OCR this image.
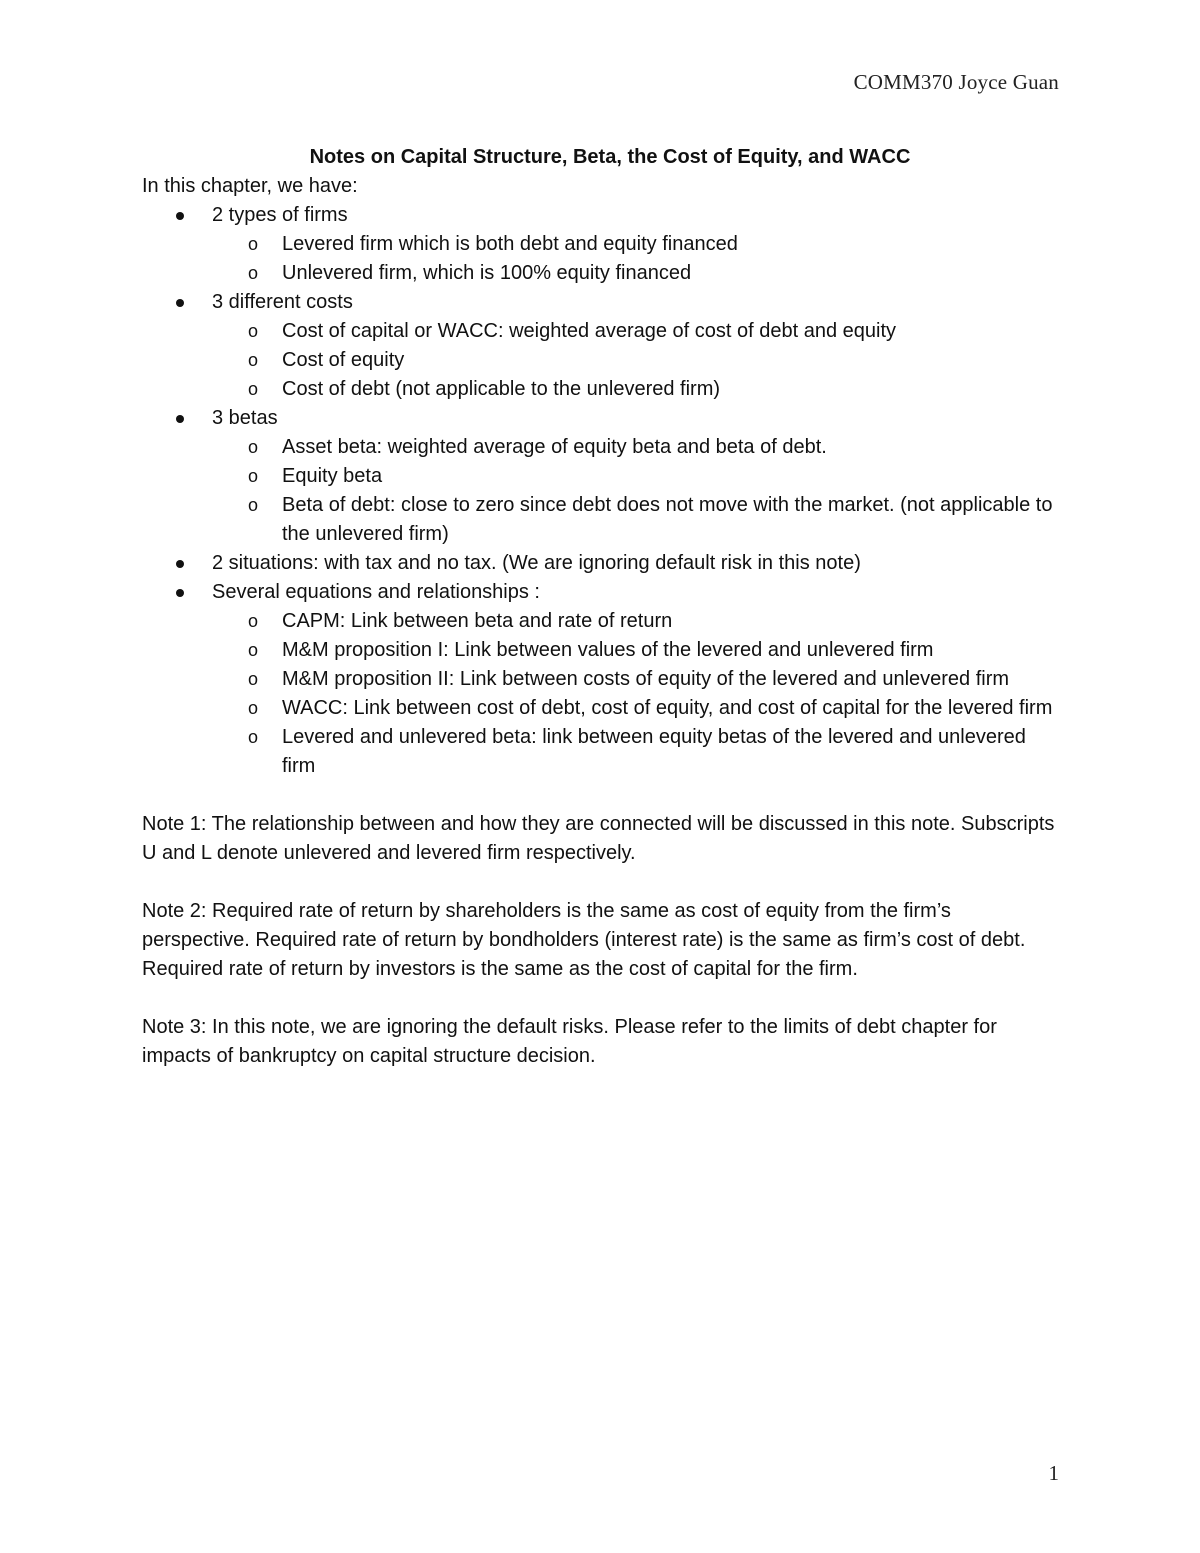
COMM370 Joyce Guan

Notes on Capital Structure, Beta, the Cost of Equity, and WACC

In this chapter, we have:

2 types of firms
o Levered firm which is both debt and equity financed
o Unlevered firm, which is 100% equity financed
3 different costs
o Cost of capital or WACC: weighted average of cost of debt and equity
o Cost of equity
o Cost of debt (not applicable to the unlevered firm)
3 betas
o Asset beta: weighted average of equity beta and beta of debt.
o Equity beta
o Beta of debt: close to zero since debt does not move with the market. (not applicable to the unlevered firm)
2 situations: with tax and no tax. (We are ignoring default risk in this note)
Several equations and relationships :
o CAPM: Link between beta and rate of return
o M&M proposition I: Link between values of the levered and unlevered firm
o M&M proposition II: Link between costs of equity of the levered and unlevered firm
o WACC: Link between cost of debt, cost of equity, and cost of capital for the levered firm
o Levered and unlevered beta: link between equity betas of the levered and unlevered firm

Note 1: The relationship between and how they are connected will be discussed in this note. Subscripts U and L denote unlevered and levered firm respectively.

Note 2: Required rate of return by shareholders is the same as cost of equity from the firm’s perspective. Required rate of return by bondholders (interest rate) is the same as firm’s cost of debt. Required rate of return by investors is the same as the cost of capital for the firm.

Note 3: In this note, we are ignoring the default risks. Please refer to the limits of debt chapter for impacts of bankruptcy on capital structure decision.

1
